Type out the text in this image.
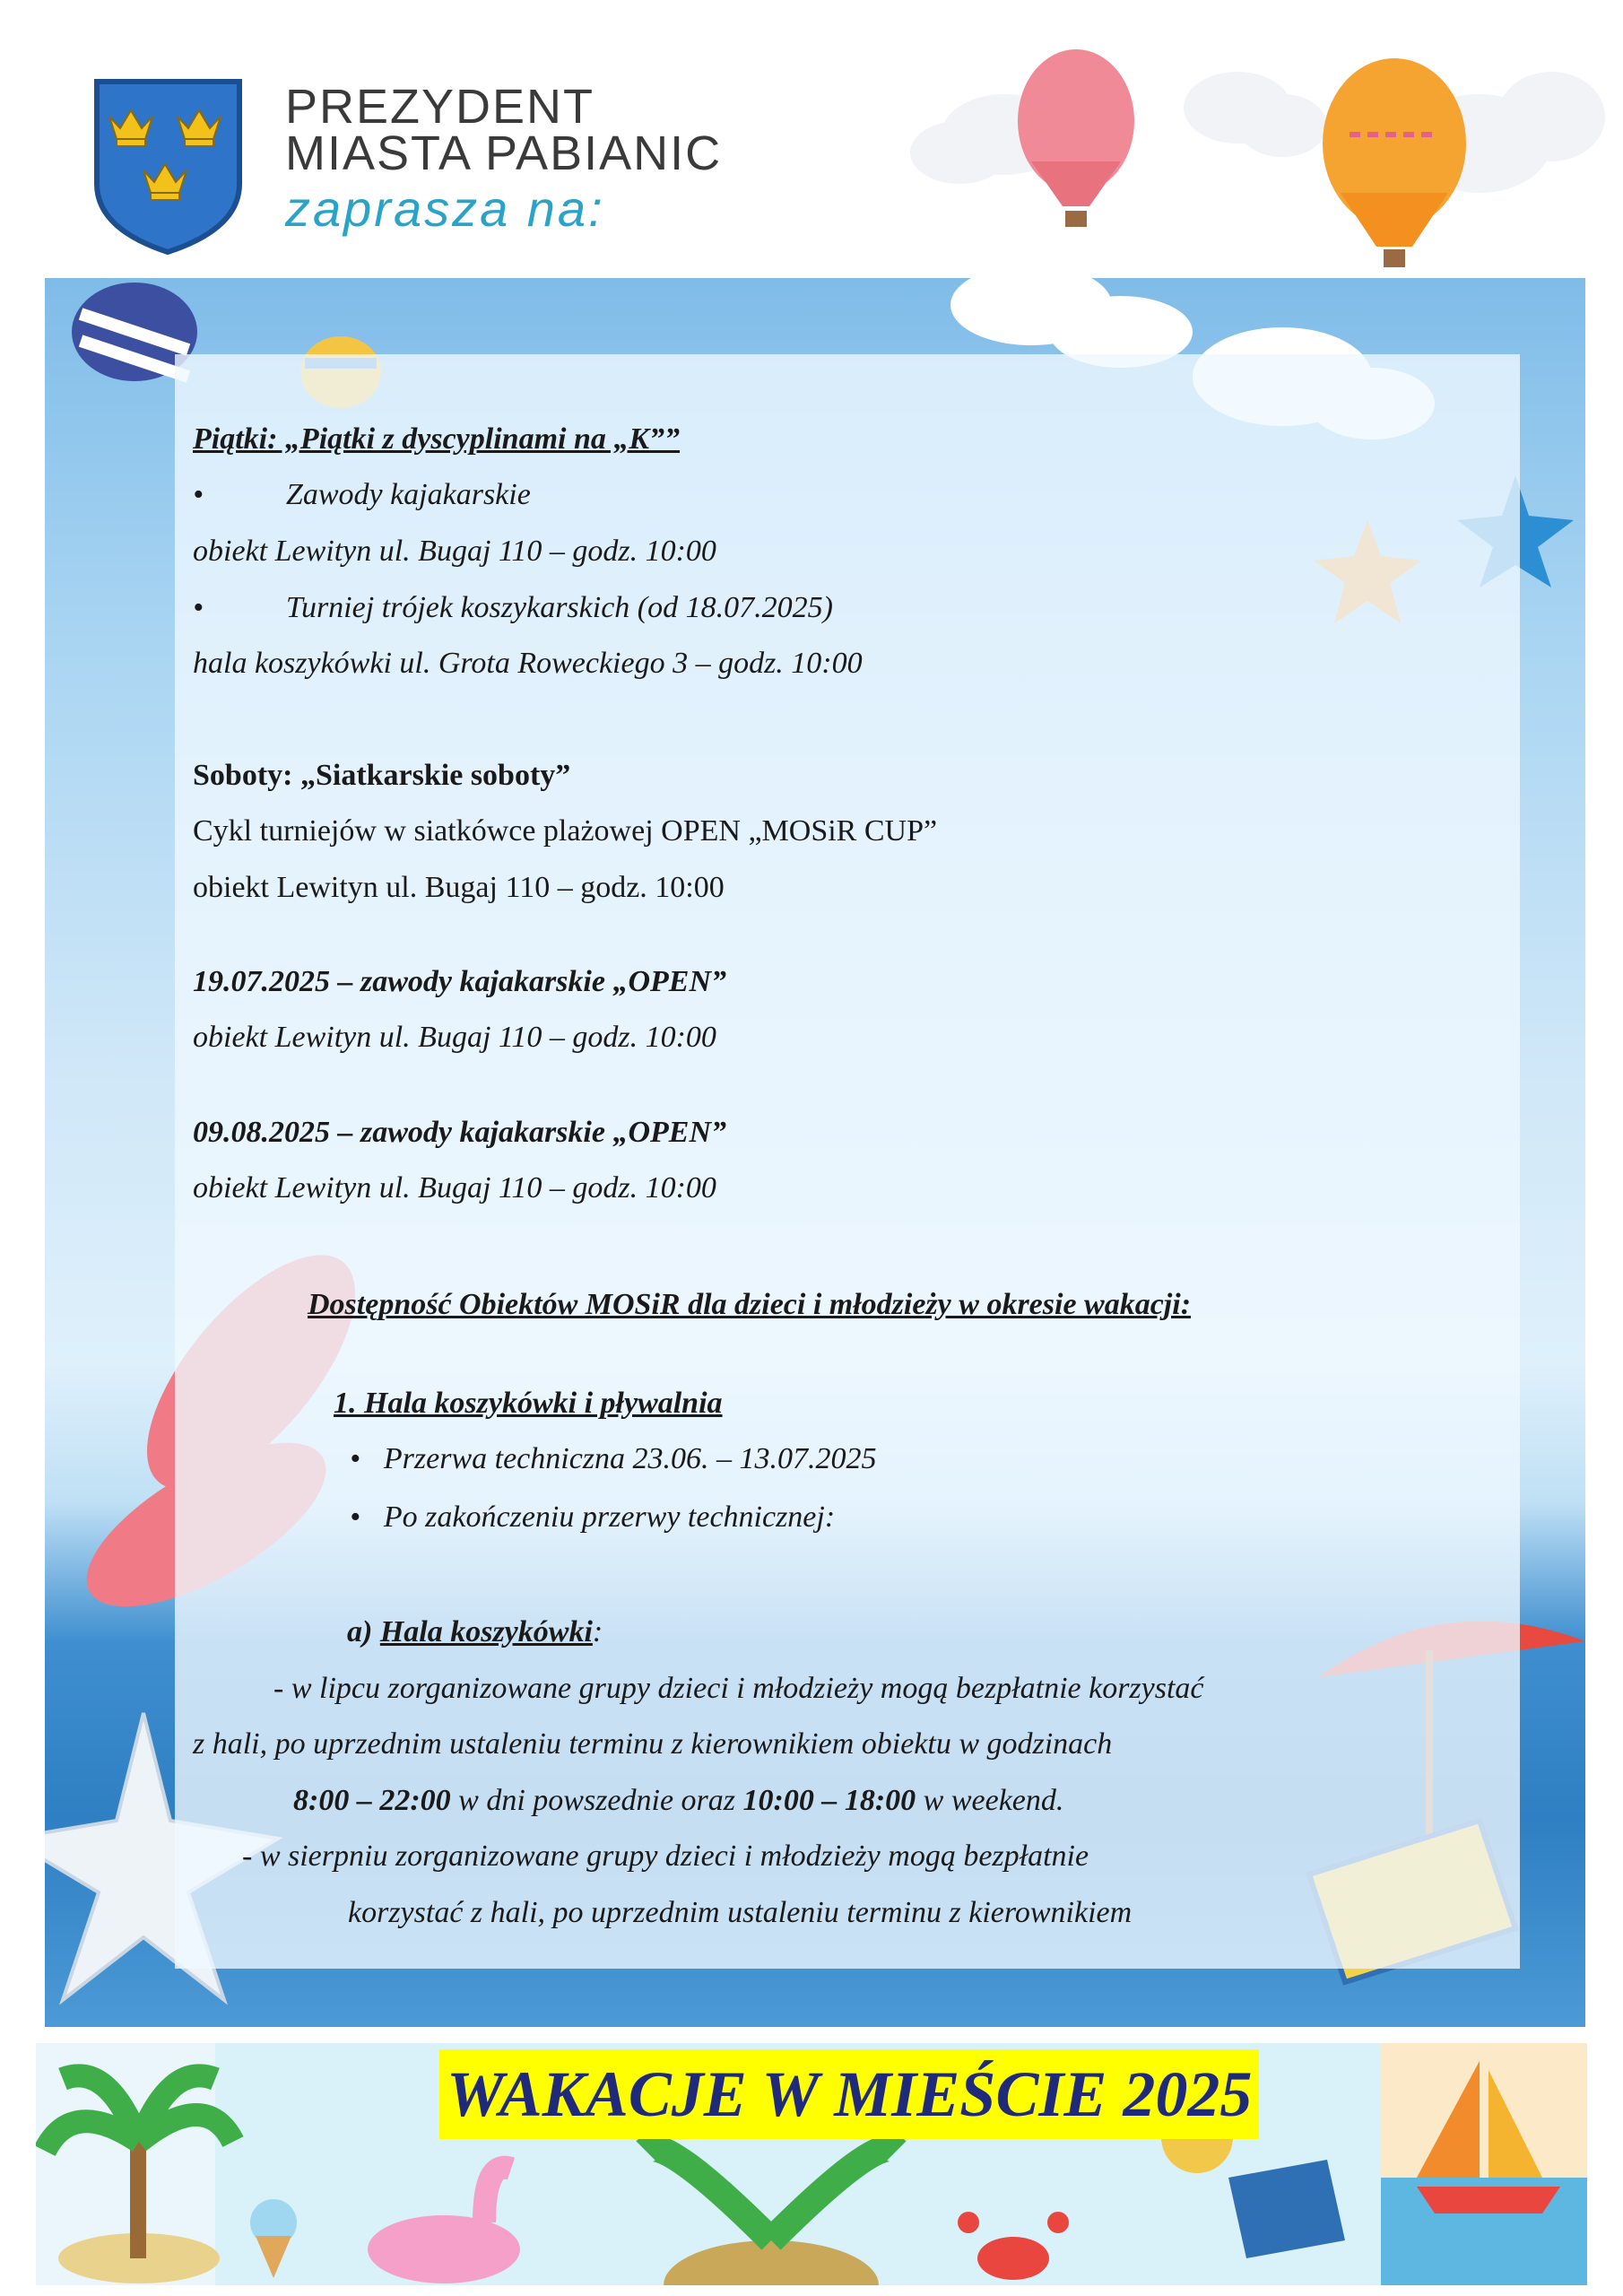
PREZYDENT
MIASTA PABIANIC
zaprasza na:
Piątki: „Piątki z dyscyplinami na „K””
•	Zawody kajakarskie
obiekt Lewityn ul. Bugaj 110 – godz. 10:00
•	Turniej trójek koszykarskich (od 18.07.2025)
hala koszykówki ul. Grota Roweckiego 3 – godz. 10:00
Soboty: „Siatkarskie soboty”
Cykl turniejów w siatkówce plażowej OPEN „MOSiR CUP”
obiekt Lewityn ul. Bugaj 110 – godz. 10:00
19.07.2025 – zawody kajakarskie „OPEN”
obiekt Lewityn ul. Bugaj 110 – godz. 10:00
09.08.2025 – zawody kajakarskie „OPEN”
obiekt Lewityn ul. Bugaj 110 – godz. 10:00
Dostępność Obiektów MOSiR dla dzieci i młodzieży w okresie wakacji:
1. Hala koszykówki i pływalnia
• Przerwa techniczna 23.06. – 13.07.2025
• Po zakończeniu przerwy technicznej:
a) Hala koszykówki:
- w lipcu zorganizowane grupy dzieci i młodzieży mogą bezpłatnie korzystać
z hali, po uprzednim ustaleniu terminu z kierownikiem obiektu w godzinach
8:00 – 22:00 w dni powszednie oraz 10:00 – 18:00 w weekend.
- w sierpniu zorganizowane grupy dzieci i młodzieży mogą bezpłatnie
korzystać z hali, po uprzednim ustaleniu terminu z kierownikiem
WAKACJE W MIEŚCIE 2025
